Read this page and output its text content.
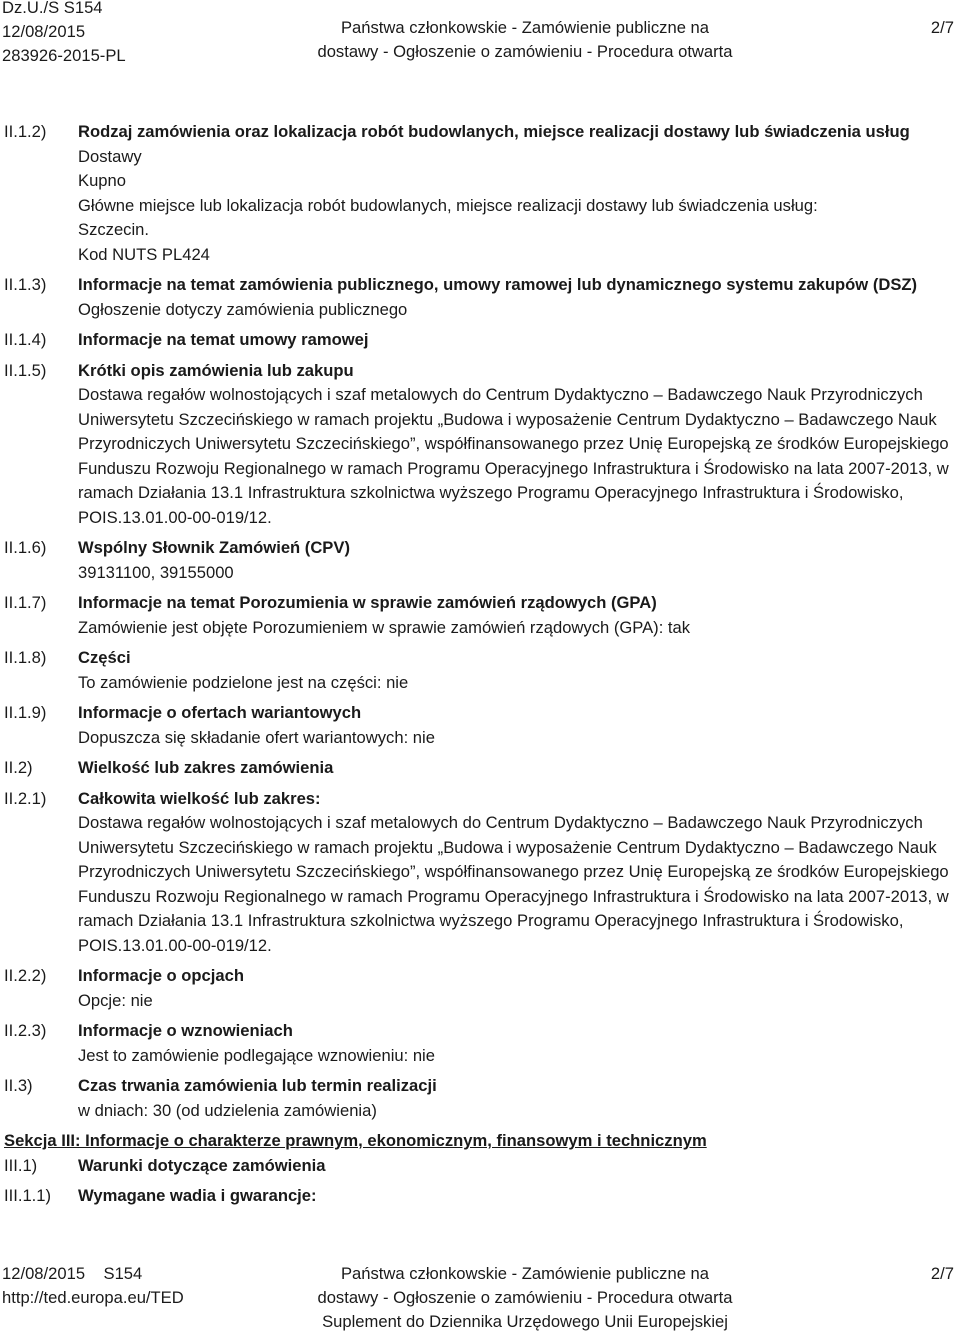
Dz.U./S S154
12/08/2015
283926-2015-PL
Państwa członkowskie - Zamówienie publiczne na
dostawy - Ogłoszenie o zamówieniu - Procedura otwarta
2/7
II.1.2) Rodzaj zamówienia oraz lokalizacja robót budowlanych, miejsce realizacji dostawy lub świadczenia usług
Dostawy
Kupno
Główne miejsce lub lokalizacja robót budowlanych, miejsce realizacji dostawy lub świadczenia usług:
Szczecin.
Kod NUTS PL424
II.1.3) Informacje na temat zamówienia publicznego, umowy ramowej lub dynamicznego systemu zakupów (DSZ)
Ogłoszenie dotyczy zamówienia publicznego
II.1.4) Informacje na temat umowy ramowej
II.1.5) Krótki opis zamówienia lub zakupu
Dostawa regałów wolnostojących i szaf metalowych do Centrum Dydaktyczno – Badawczego Nauk Przyrodniczych Uniwersytetu Szczecińskiego w ramach projektu „Budowa i wyposażenie Centrum Dydaktyczno – Badawczego Nauk Przyrodniczych Uniwersytetu Szczecińskiego”, współfinansowanego przez Unię Europejską ze środków Europejskiego Funduszu Rozwoju Regionalnego w ramach Programu Operacyjnego Infrastruktura i Środowisko na lata 2007-2013, w ramach Działania 13.1 Infrastruktura szkolnictwa wyższego Programu Operacyjnego Infrastruktura i Środowisko, POIS.13.01.00-00-019/12.
II.1.6) Wspólny Słownik Zamówień (CPV)
39131100, 39155000
II.1.7) Informacje na temat Porozumienia w sprawie zamówień rządowych (GPA)
Zamówienie jest objęte Porozumieniem w sprawie zamówień rządowych (GPA): tak
II.1.8) Części
To zamówienie podzielone jest na części: nie
II.1.9) Informacje o ofertach wariantowych
Dopuszcza się składanie ofert wariantowych: nie
II.2)	Wielkość lub zakres zamówienia
II.2.1) Całkowita wielkość lub zakres:
Dostawa regałów wolnostojących i szaf metalowych do Centrum Dydaktyczno – Badawczego Nauk Przyrodniczych Uniwersytetu Szczecińskiego w ramach projektu „Budowa i wyposażenie Centrum Dydaktyczno – Badawczego Nauk Przyrodniczych Uniwersytetu Szczecińskiego”, współfinansowanego przez Unię Europejską ze środków Europejskiego Funduszu Rozwoju Regionalnego w ramach Programu Operacyjnego Infrastruktura i Środowisko na lata 2007-2013, w ramach Działania 13.1 Infrastruktura szkolnictwa wyższego Programu Operacyjnego Infrastruktura i Środowisko, POIS.13.01.00-00-019/12.
II.2.2) Informacje o opcjach
Opcje: nie
II.2.3) Informacje o wznowieniach
Jest to zamówienie podlegające wznowieniu: nie
II.3)	Czas trwania zamówienia lub termin realizacji
w dniach: 30 (od udzielenia zamówienia)
Sekcja III: Informacje o charakterze prawnym, ekonomicznym, finansowym i technicznym
III.1) Warunki dotyczące zamówienia
III.1.1) Wymagane wadia i gwarancje:
12/08/2015 S154
http://ted.europa.eu/TED
Państwa członkowskie - Zamówienie publiczne na
dostawy - Ogłoszenie o zamówieniu - Procedura otwarta
Suplement do Dziennika Urzędowego Unii Europejskiej
2/7
